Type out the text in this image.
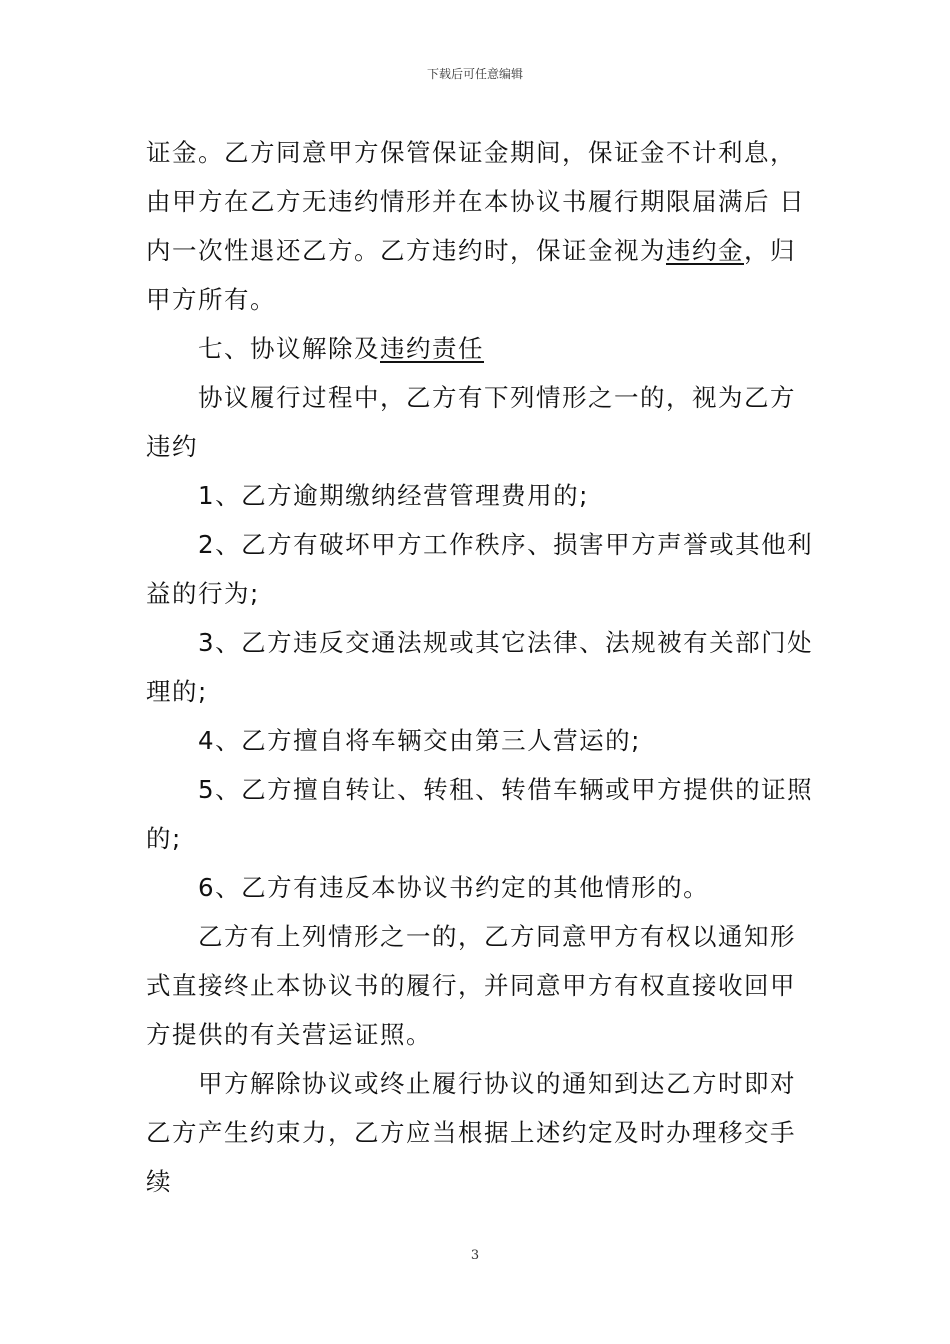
下载后可任意编辑

证金。乙方同意甲方保管保证金期间，保证金不计利息，

由甲方在乙方无违约情形并在本协议书履行期限届满后 日

内一次性退还乙方。乙方违约时，保证金视为违约金，归

甲方所有。

　　七、协议解除及违约责任

　　协议履行过程中，乙方有下列情形之一的，视为乙方

违约

　　1、乙方逾期缴纳经营管理费用的;

　　2、乙方有破坏甲方工作秩序、损害甲方声誉或其他利

益的行为;

　　3、乙方违反交通法规或其它法律、法规被有关部门处

理的;

　　4、乙方擅自将车辆交由第三人营运的;

　　5、乙方擅自转让、转租、转借车辆或甲方提供的证照

的;

　　6、乙方有违反本协议书约定的其他情形的。

　　乙方有上列情形之一的，乙方同意甲方有权以通知形

式直接终止本协议书的履行，并同意甲方有权直接收回甲

方提供的有关营运证照。

　　甲方解除协议或终止履行协议的通知到达乙方时即对

乙方产生约束力，乙方应当根据上述约定及时办理移交手

续

3
